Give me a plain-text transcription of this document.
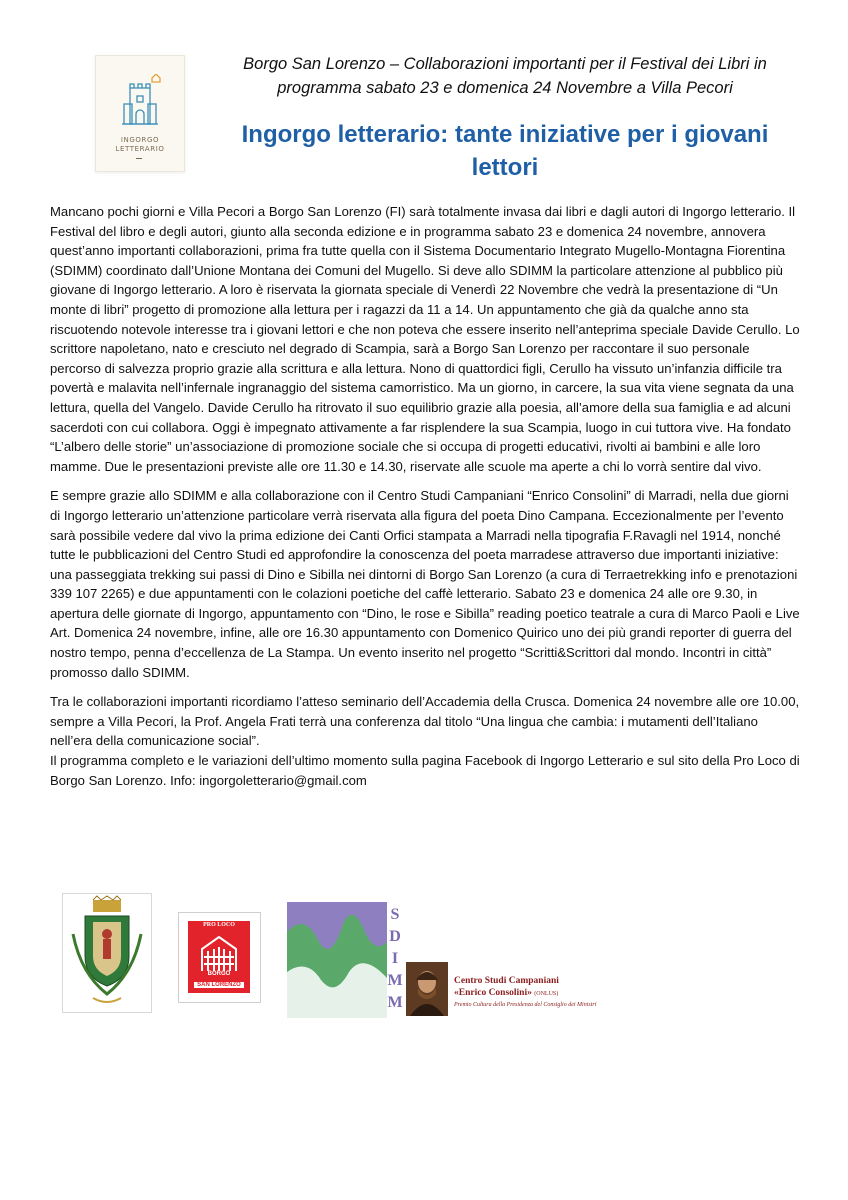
INGORGO
LETTERARIO
Borgo San Lorenzo – Collaborazioni importanti per il Festival dei Libri in
programma sabato 23 e domenica 24 Novembre a Villa Pecori
Ingorgo letterario: tante iniziative per i giovani
lettori

Mancano pochi giorni e Villa Pecori a Borgo San Lorenzo (FI) sarà totalmente invasa dai libri e dagli autori di Ingorgo letterario. Il Festival del libro e degli autori, giunto alla seconda edizione e in programma sabato 23 e domenica 24 novembre, annovera quest’anno importanti collaborazioni, prima fra tutte quella con il Sistema Documentario Integrato Mugello-Montagna Fiorentina (SDIMM) coordinato dall’Unione Montana dei Comuni del Mugello. Si deve allo SDIMM la particolare attenzione al pubblico più giovane di Ingorgo letterario. A loro è riservata la giornata speciale di Venerdì 22 Novembre che vedrà la presentazione di “Un monte di libri” progetto di promozione alla lettura per i ragazzi da 11 a 14. Un appuntamento che già da qualche anno sta riscuotendo notevole interesse tra i giovani lettori e che non poteva che essere inserito nell’anteprima speciale Davide Cerullo. Lo scrittore napoletano, nato e cresciuto nel degrado di Scampia, sarà a Borgo San Lorenzo per raccontare il suo personale percorso di salvezza proprio grazie alla scrittura e alla lettura. Nono di quattordici figli, Cerullo ha vissuto un’infanzia difficile tra povertà e malavita nell’infernale ingranaggio del sistema camorristico. Ma un giorno, in carcere, la sua vita viene segnata da una lettura, quella del Vangelo. Davide Cerullo ha ritrovato il suo equilibrio grazie alla poesia, all’amore della sua famiglia e ad alcuni sacerdoti con cui collabora. Oggi è impegnato attivamente a far risplendere la sua Scampia, luogo in cui tuttora vive. Ha fondato “L’albero delle storie” un’associazione di promozione sociale che si occupa di progetti educativi, rivolti ai bambini e alle loro mamme. Due le presentazioni previste alle ore 11.30 e 14.30, riservate alle scuole ma aperte a chi lo vorrà sentire dal vivo.

E sempre grazie allo SDIMM e alla collaborazione con il Centro Studi Campaniani “Enrico Consolini” di Marradi, nella due giorni di Ingorgo letterario un’attenzione particolare verrà riservata alla figura del poeta Dino Campana. Eccezionalmente per l’evento sarà possibile vedere dal vivo la prima edizione dei Canti Orfici stampata a Marradi nella tipografia F.Ravagli nel 1914, nonché tutte le pubblicazioni del Centro Studi ed approfondire la conoscenza del poeta marradese attraverso due importanti iniziative: una passeggiata trekking sui passi di Dino e Sibilla nei dintorni di Borgo San Lorenzo (a cura di Terraetrekking info e prenotazioni 339 107 2265) e due appuntamenti con le colazioni poetiche del caffè letterario. Sabato 23 e domenica 24 alle ore 9.30, in apertura delle giornate di Ingorgo, appuntamento con “Dino, le rose e Sibilla” reading poetico teatrale a cura di Marco Paoli e Live Art. Domenica 24 novembre, infine, alle ore 16.30 appuntamento con Domenico Quirico uno dei più grandi reporter di guerra del nostro tempo, penna d’eccellenza de La Stampa. Un evento inserito nel progetto “Scritti&Scrittori dal mondo. Incontri in città” promosso dallo SDIMM.

Tra le collaborazioni importanti ricordiamo l’atteso seminario dell’Accademia della Crusca. Domenica 24 novembre alle ore 10.00, sempre a Villa Pecori, la Prof. Angela Frati terrà una conferenza dal titolo “Una lingua che cambia: i mutamenti dell’Italiano nell’era della comunicazione social”.

Il programma completo e le variazioni dell’ultimo momento sulla pagina Facebook di Ingorgo Letterario e sul sito della Pro Loco di Borgo San Lorenzo. Info: ingorgoletterario@gmail.com

PRO LOCO
BORGO
SAN LORENZO
S
D
I
M
M
Centro Studi Campaniani
«Enrico Consolini» (ONLUS)
Premio Cultura della Presidenza del Consiglio dei Ministri
